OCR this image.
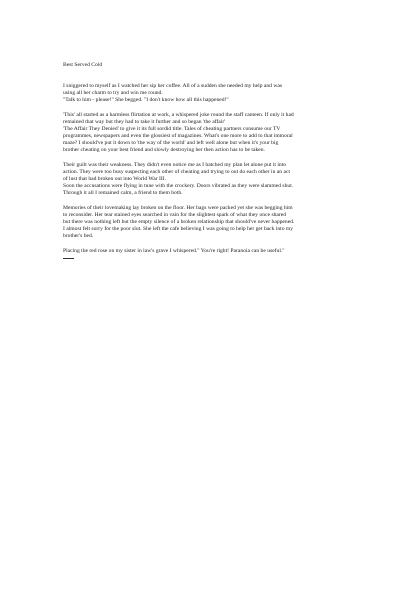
Best Served Cold
I sniggered to myself as I watched her sip her coffee. All of a sudden she needed my help and was
using all her charm to try and win me round.
"Talk to him - please!" She begged. "I don't know how all this happened!"
'This' all started as a harmless flirtation at work, a whispered joke round the staff canteen. If only it had
remained that way but they had to take it further and so began 'the affair'
'The Affair They Denied' to give it its full sordid title. Tales of cheating partners consume our TV
programmes, newspapers and even the glossiest of magazines. What's one more to add to that immoral
maze? I should've put it down to 'the way of the world' and left well alone but when it's your big
brother cheating on your best friend and slowly destroying her then action has to be taken.
Their guilt was their weakness. They didn't even notice me as I hatched my plan let alone put it into
action. They were too busy suspecting each other of cheating and trying to out do each other in an act
of lust that had broken out into World War III.
Soon the accusations were flying in tune with the crockery. Doors vibrated as they were slammed shut.
Through it all I remained calm, a friend to them both.
Memories of their lovemaking lay broken on the floor. Her bags were packed yet she was begging him
to reconsider. Her tear stained eyes searched in vain for the slightest spark of what they once shared
but there was nothing left but the empty silence of a broken relationship that should've never happened.
I almost felt sorry for the poor slut. She left the cafe believing I was going to help her get back into my
brother's bed.
Placing the red rose on my sister in law's grave I whispered." You're right! Paranoia can be useful."
